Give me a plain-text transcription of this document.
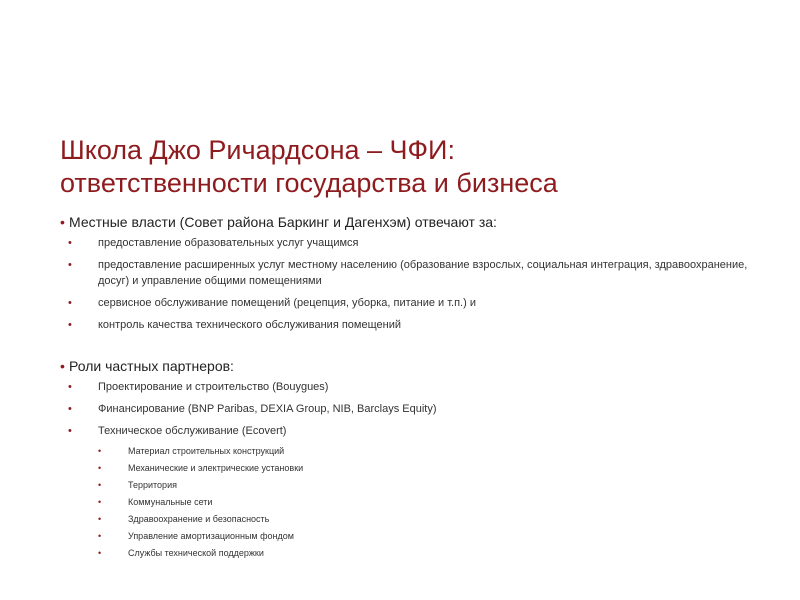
Школа Джо Ричардсона – ЧФИ:
ответственности государства и бизнеса
• Местные власти (Совет района Баркинг и Дагенхэм) отвечают за:
• предоставление образовательных услуг учащимся
• предоставление расширенных услуг местному населению (образование взрослых, социальная интеграция, здравоохранение, досуг) и управление общими помещениями
• сервисное обслуживание помещений (рецепция, уборка, питание и т.п.) и
• контроль качества технического обслуживания помещений
• Роли частных партнеров:
• Проектирование и строительство (Bouygues)
• Финансирование (BNP Paribas, DEXIA Group, NIB, Barclays Equity)
• Техническое обслуживание (Ecovert)
•	Материал строительных конструкций
•	Механические и электрические установки
•	Территория
•	Коммунальные сети
•	Здравоохранение и безопасность
•	Управление амортизационным фондом
•	Службы технической поддержки
